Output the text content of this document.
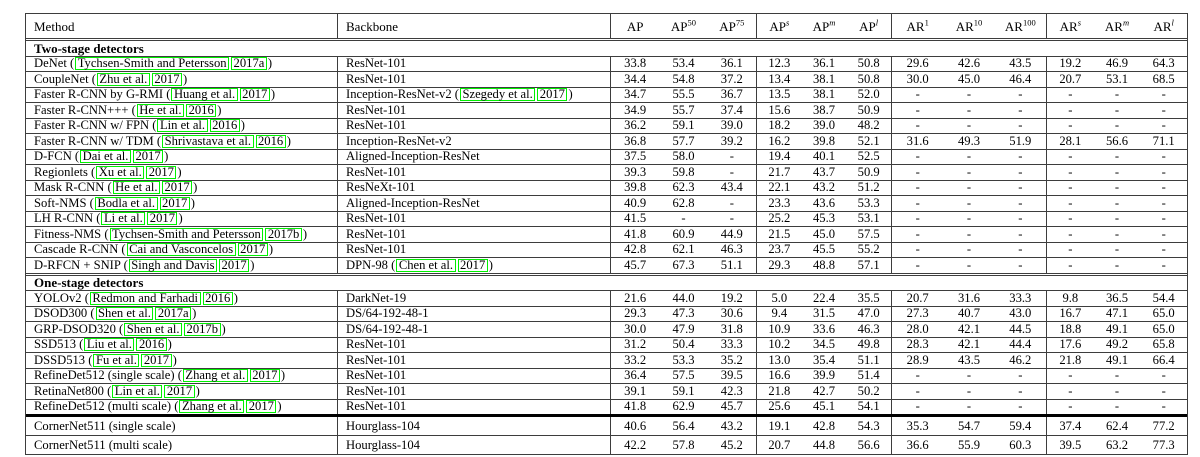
Method	Backbone	AP AP$^{50}$ AP$^{75}$ $AP^s$ $AP^m$ $AP^l$ $AR^1$ AR$^{10}$ AR$^{100}$ $AR^s$ $AR^m$ $AR^l$
Two-stage detectors
DeNet ( Tychsen-Smith and Petersson 2017a )	ResNet-101	33.8 53.4 36.1 12.3 36.1 50.8 29.6 42.6 43.5 19.2 46.9 64.3
CoupleNet ( Zhu et al. 2017 )	ResNet-101	34.4 54.8 37.2 13.4 38.1 50.8 30.0 45.0 46.4 20.7 53.1 68.5
Faster R-CNN by G-RMI ( Huang et al. 2017 )	Inception-ResNet-v2 ( Szegedy et al. 2017 )	34.7 55.5 36.7 13.5 38.1 52.0	-	-	-	-	-	-
Faster R-CNN+++ ( He et al. 2016 )	ResNet-101	34.9 55.7 37.4 15.6 38.7 50.9	-	-	-	-	-	-
Faster R-CNN w/ FPN ( Lin et al. 2016 )	ResNet-101	36.2 59.1 39.0 18.2 39.0 48.2	-	-	-	-	-	-
Faster R-CNN w/ TDM ( Shrivastava et al. 2016 )	Inception-ResNet-v2	36.8 57.7 39.2 16.2 39.8 52.1 31.6 49.3 51.9 28.1 56.6 71.1
D-FCN ( Dai et al. 2017 )	Aligned-Inception-ResNet	37.5 58.0	-	19.4 40.1 52.5	-	-	-	-	-	-
Regionlets ( Xu et al. 2017 )	ResNet-101	39.3 59.8	-	21.7 43.7 50.9	-	-	-	-	-	-
Mask R-CNN ( He et al. 2017 )	ResNeXt-101	39.8 62.3 43.4 22.1 43.2 51.2	-	-	-	-	-	-
Soft-NMS ( Bodla et al. 2017 )	Aligned-Inception-ResNet	40.9 62.8	-	23.3 43.6 53.3	-	-	-	-	-	-
LH R-CNN ( Li et al. 2017 )	ResNet-101	41.5	-	-	25.2 45.3 53.1	-	-	-	-	-	-
Fitness-NMS ( Tychsen-Smith and Petersson 2017b )	ResNet-101	41.8 60.9 44.9 21.5 45.0 57.5	-	-	-	-	-	-
Cascade R-CNN ( Cai and Vasconcelos 2017 )	ResNet-101	42.8 62.1 46.3 23.7 45.5 55.2	-	-	-	-	-	-
D-RFCN + SNIP ( Singh and Davis 2017 )	DPN-98 ( Chen et al. 2017 )	45.7 67.3 51.1 29.3 48.8 57.1	-	-	-	-	-	-
One-stage detectors
YOLOv2 ( Redmon and Farhadi 2016 )	DarkNet-19	21.6 44.0 19.2 5.0 22.4 35.5 20.7 31.6 33.3 9.8 36.5 54.4
DSOD300 ( Shen et al. 2017a )	DS/64-192-48-1	29.3 47.3 30.6 9.4 31.5 47.0 27.3 40.7 43.0 16.7 47.1 65.0
GRP-DSOD320 ( Shen et al. 2017b )	DS/64-192-48-1	30.0 47.9 31.8 10.9 33.6 46.3 28.0 42.1 44.5 18.8 49.1 65.0
SSD513 ( Liu et al. 2016 )	ResNet-101	31.2 50.4 33.3 10.2 34.5 49.8 28.3 42.1 44.4 17.6 49.2 65.8
DSSD513 ( Fu et al. 2017 )	ResNet-101	33.2 53.3 35.2 13.0 35.4 51.1 28.9 43.5 46.2 21.8 49.1 66.4
RefineDet512 (single scale) ( Zhang et al. 2017 )	ResNet-101	36.4 57.5 39.5 16.6 39.9 51.4	-	-	-	-	-	-
RetinaNet800 ( Lin et al. 2017 )	ResNet-101	39.1 59.1 42.3 21.8 42.7 50.2	-	-	-	-	-	-
RefineDet512 (multi scale) ( Zhang et al. 2017 )	ResNet-101	41.8 62.9 45.7 25.6 45.1 54.1	-	-	-	-	-	-
CornerNet511 (single scale)	Hourglass-104	40.6 56.4 43.2 19.1 42.8 54.3 35.3 54.7 59.4 37.4 62.4 77.2
CornerNet511 (multi scale)	Hourglass-104	42.2 57.8 45.2 20.7 44.8 56.6 36.6 55.9 60.3 39.5 63.2 77.3
